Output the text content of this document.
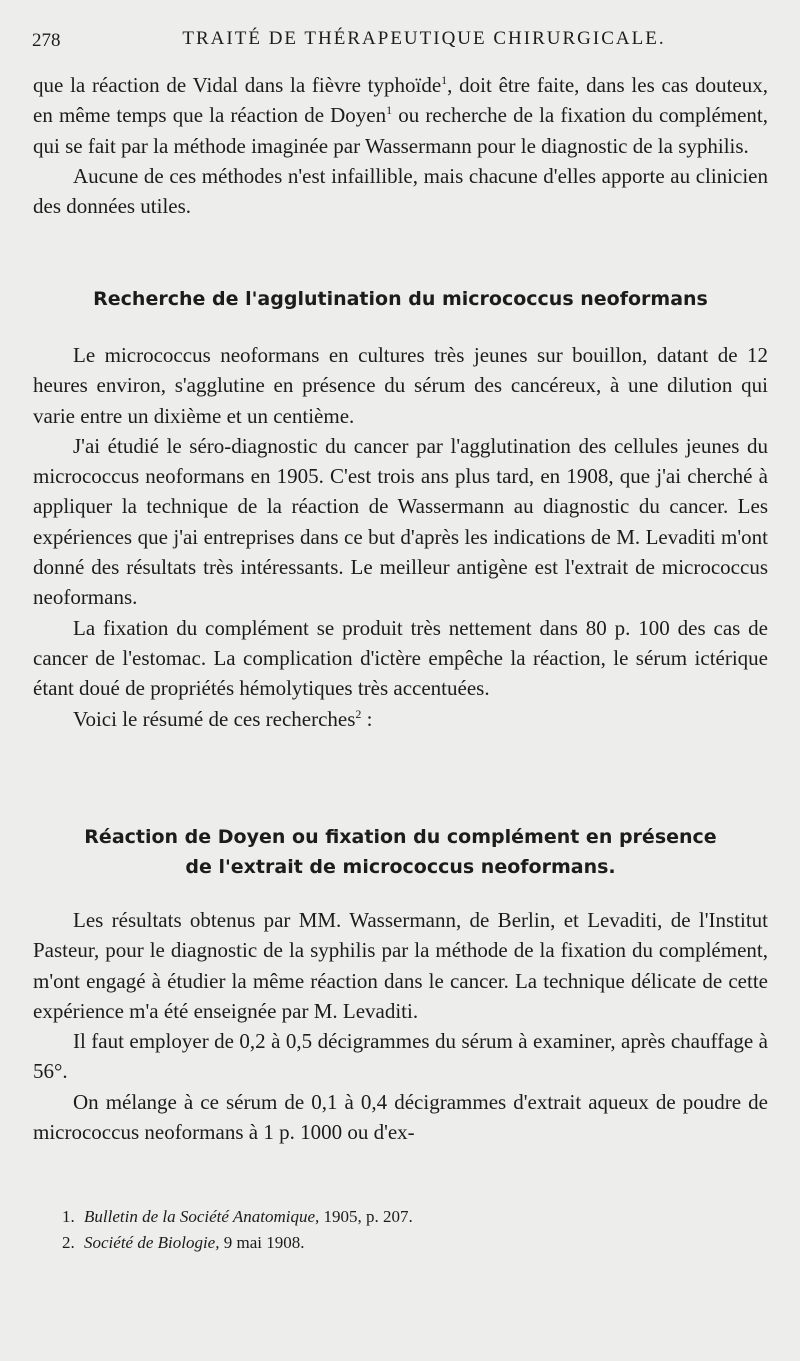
278	TRAITÉ DE THÉRAPEUTIQUE CHIRURGICALE.

que la réaction de Vidal dans la fièvre typhoïde$^1$, doit être faite, dans les cas douteux, en même temps que la réaction de Doyen$^1$ ou recherche de la fixation du complément, qui se fait par la méthode imaginée par Wassermann pour le diagnostic de la syphilis.

Aucune de ces méthodes n'est infaillible, mais chacune d'elles apporte au clinicien des données utiles.

Recherche de l'agglutination du micrococcus neoformans

Le micrococcus neoformans en cultures très jeunes sur bouillon, datant de 12 heures environ, s'agglutine en présence du sérum des cancéreux, à une dilution qui varie entre un dixième et un centième.

J'ai étudié le séro-diagnostic du cancer par l'agglutination des cellules jeunes du micrococcus neoformans en 1905. C'est trois ans plus tard, en 1908, que j'ai cherché à appliquer la technique de la réaction de Wassermann au diagnostic du cancer. Les expériences que j'ai entreprises dans ce but d'après les indications de M. Levaditi m'ont donné des résultats très intéressants. Le meilleur antigène est l'extrait de micrococcus neoformans.

La fixation du complément se produit très nettement dans 80 p. 100 des cas de cancer de l'estomac. La complication d'ictère empêche la réaction, le sérum ictérique étant doué de propriétés hémolytiques très accentuées.

Voici le résumé de ces recherches$^2$ :

Réaction de Doyen ou fixation du complément en présence
de l'extrait de micrococcus neoformans.

Les résultats obtenus par MM. Wassermann, de Berlin, et Levaditi, de l'Institut Pasteur, pour le diagnostic de la syphilis par la méthode de la fixation du complément, m'ont engagé à étudier la même réaction dans le cancer. La technique délicate de cette expérience m'a été enseignée par M. Levaditi.

Il faut employer de 0,2 à 0,5 décigrammes du sérum à examiner, après chauffage à 56°.

On mélange à ce sérum de 0,1 à 0,4 décigrammes d'extrait aqueux de poudre de micrococcus neoformans à 1 p. 1000 ou d'ex-

1. Bulletin de la Société Anatomique, 1905, p. 207.
2. Société de Biologie, 9 mai 1908.
